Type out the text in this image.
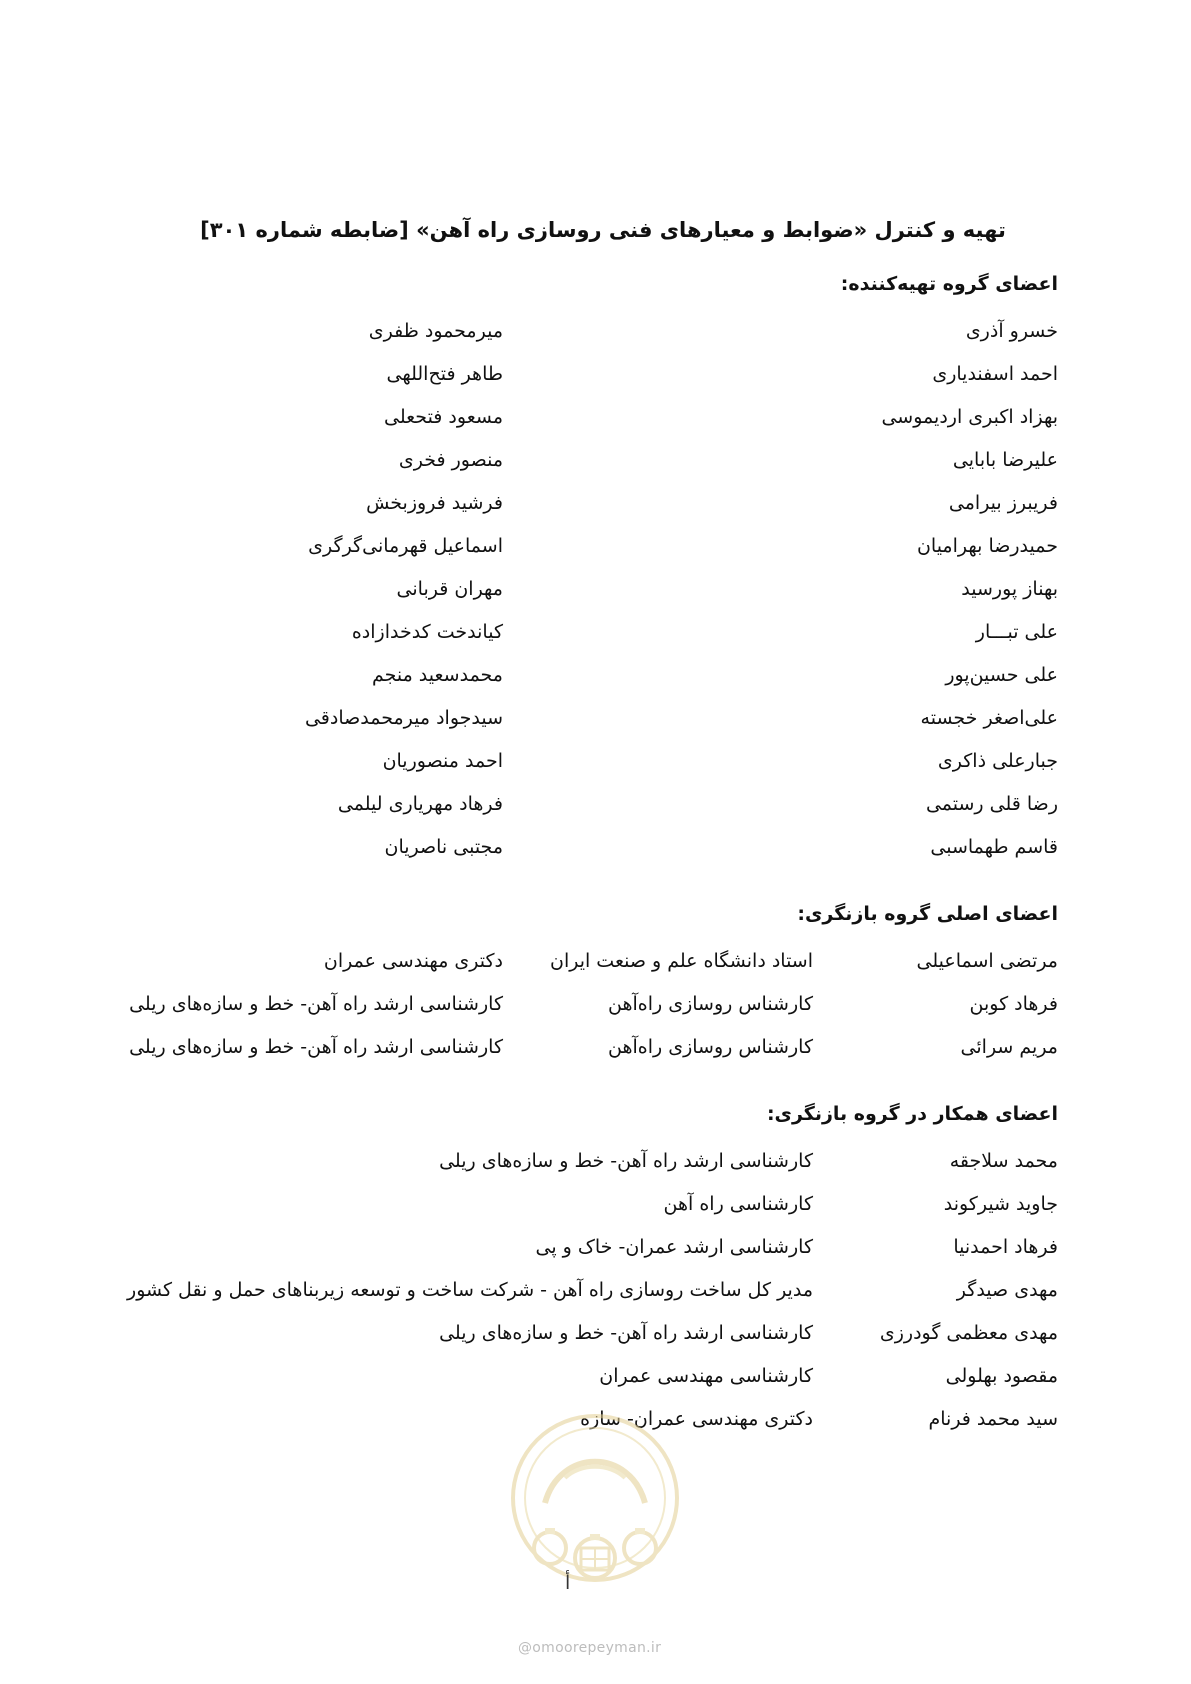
تهیه و کنترل «ضوابط و معیارهای فنی روسازی راه آهن» [ضابطه شماره ۳۰۱]
اعضای گروه تهیه‌کننده:
خسرو آذری
میرمحمود ظفری
احمد اسفندیاری
طاهر فتح‌اللهی
بهزاد اکبری اردیموسی
مسعود فتحعلی
علیرضا بابایی
منصور فخری
فریبرز بیرامی
فرشید فروزبخش
حمیدرضا بهرامیان
اسماعیل قهرمانی‌گرگری
بهناز پورسید
مهران قربانی
علی تبـــار
کیاندخت کدخدازاده
علی حسین‌پور
محمدسعید منجم
علی‌اصغر خجسته
سیدجواد میرمحمدصادقی
جبارعلی ذاکری
احمد منصوریان
رضا قلی رستمی
فرهاد مهریاری لیلمی
قاسم طهماسبی
مجتبی ناصریان
اعضای اصلی گروه بازنگری:
مرتضی اسماعیلی
استاد دانشگاه علم و صنعت ایران
دکتری مهندسی عمران
فرهاد کوبن
کارشناس روسازی راه‌آهن
کارشناسی ارشد راه آهن- خط و سازه‌های ریلی
مریم سرائی
کارشناس روسازی راه‌آهن
کارشناسی ارشد راه آهن- خط و سازه‌های ریلی
اعضای همکار در گروه بازنگری:
محمد سلاجقه
کارشناسی ارشد راه آهن- خط و سازه‌های ریلی
جاوید شیرکوند
کارشناسی راه آهن
فرهاد احمدنیا
کارشناسی ارشد عمران- خاک و پی
مهدی صیدگر
مدیر کل ساخت روسازی راه آهن - شرکت ساخت و توسعه زیربناهای حمل و نقل کشور
مهدی معظمی گودرزی
کارشناسی ارشد راه آهن- خط و سازه‌های ریلی
مقصود بهلولی
کارشناسی مهندسی عمران
سید محمد فرنام
دکتری مهندسی عمران- سازه
أ
@omoorepeyman.ir
